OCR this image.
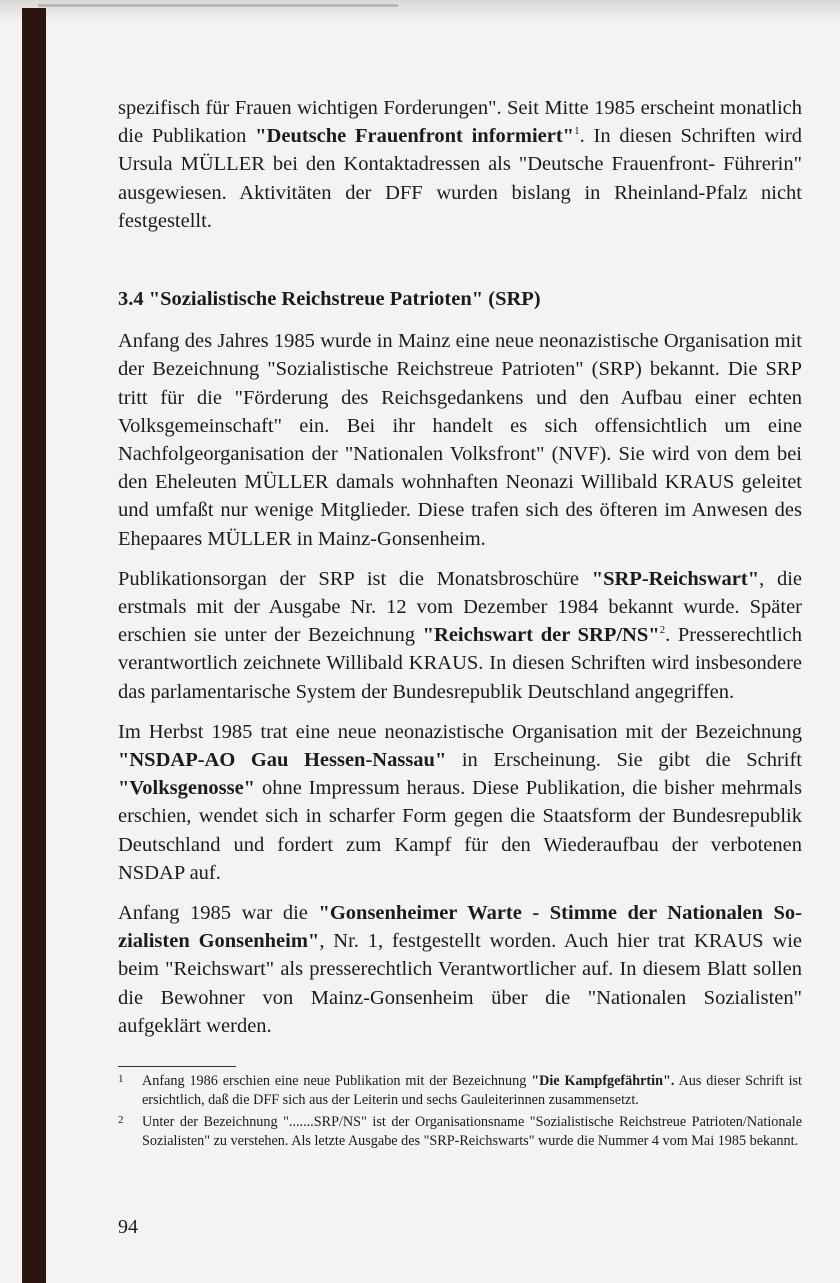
spezifisch für Frauen wichtigen Forderungen". Seit Mitte 1985 erscheint monatlich die Publikation "Deutsche Frauenfront informiert"$^1$. In diesen Schriften wird Ursula MÜLLER bei den Kontaktadressen als "Deutsche Frauenfront- Führerin" ausgewiesen. Aktivitäten der DFF wurden bislang in Rheinland-Pfalz nicht festgestellt.

3.4 "Sozialistische Reichstreue Patrioten" (SRP)

Anfang des Jahres 1985 wurde in Mainz eine neue neonazistische Organisation mit der Bezeichnung "Sozialistische Reichstreue Patrioten" (SRP) bekannt. Die SRP tritt für die "Förderung des Reichsgedankens und den Aufbau einer echten Volksgemeinschaft" ein. Bei ihr handelt es sich offensichtlich um eine Nachfolgeorganisation der "Nationalen Volksfront" (NVF). Sie wird von dem bei den Eheleuten MÜLLER damals wohnhaften Neonazi Willibald KRAUS geleitet und umfaßt nur wenige Mitglieder. Diese trafen sich des öfteren im Anwesen des Ehepaares MÜLLER in Mainz-Gonsenheim.

Publikationsorgan der SRP ist die Monatsbroschüre "SRP-Reichswart", die erstmals mit der Ausgabe Nr. 12 vom Dezember 1984 bekannt wurde. Später erschien sie unter der Bezeichnung "Reichswart der SRP/NS"$^2$. Presserechtlich verantwortlich zeichnete Willibald KRAUS. In diesen Schriften wird insbesondere das parlamentarische System der Bundesrepublik Deutschland angegriffen.

Im Herbst 1985 trat eine neue neonazistische Organisation mit der Bezeichnung "NSDAP-AO Gau Hessen-Nassau" in Erscheinung. Sie gibt die Schrift "Volksgenosse" ohne Impressum heraus. Diese Publikation, die bisher mehrmals erschien, wendet sich in scharfer Form gegen die Staatsform der Bundesrepublik Deutschland und fordert zum Kampf für den Wiederaufbau der verbotenen NSDAP auf.

Anfang 1985 war die "Gonsenheimer Warte - Stimme der Nationalen Sozialisten Gonsenheim", Nr. 1, festgestellt worden. Auch hier trat KRAUS wie beim "Reichswart" als presserechtlich Verantwortlicher auf. In diesem Blatt sollen die Bewohner von Mainz-Gonsenheim über die "Nationalen Sozialisten" aufgeklärt werden.

1 Anfang 1986 erschien eine neue Publikation mit der Bezeichnung "Die Kampfgefährtin". Aus dieser Schrift ist ersichtlich, daß die DFF sich aus der Leiterin und sechs Gauleiterinnen zusammensetzt.
2 Unter der Bezeichnung ".......SRP/NS" ist der Organisationsname "Sozialistische Reichstreue Patrioten/Nationale Sozialisten" zu verstehen. Als letzte Ausgabe des "SRP-Reichswarts" wurde die Nummer 4 vom Mai 1985 bekannt.
94
